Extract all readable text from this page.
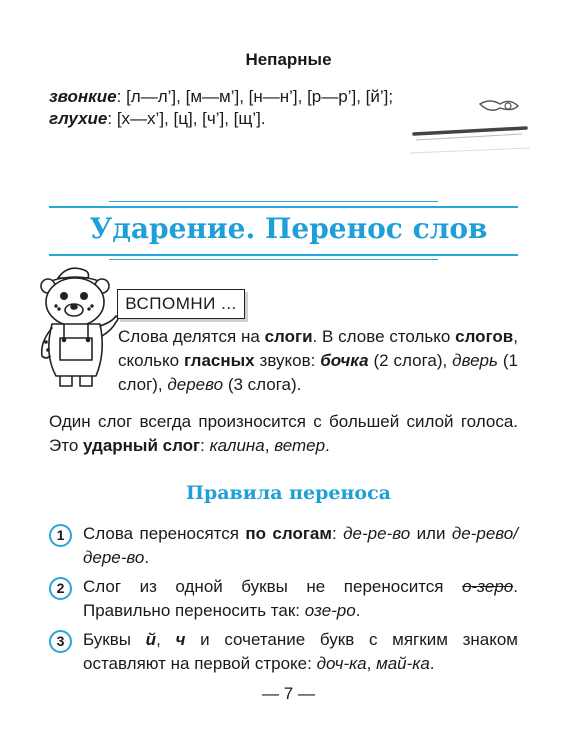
Непарные
звонкие: [л—л’], [м—м’], [н—н’], [р—р’], [й’];
глухие: [х—х’], [ц], [ч’], [щ’].
Ударение. Перенос слов
ВСПОМНИ ...
Слова делятся на слоги. В слове столько слогов, сколько гласных звуков: бочка (2 слога), дверь (1 слог), дерево (3 слога).
Один слог всегда произносится с большей силой голоса. Это ударный слог: калина, ветер.
Правила переноса
1	Слова переносятся по слогам: де-ре-во или де-рево/дере-во.
2	Слог из одной буквы не переносится о-зеро. Правильно переносить так: озе-ро.
3	Буквы й, ч и сочетание букв с мягким знаком оставляют на первой строке: доч-ка, май-ка.
— 7 —
